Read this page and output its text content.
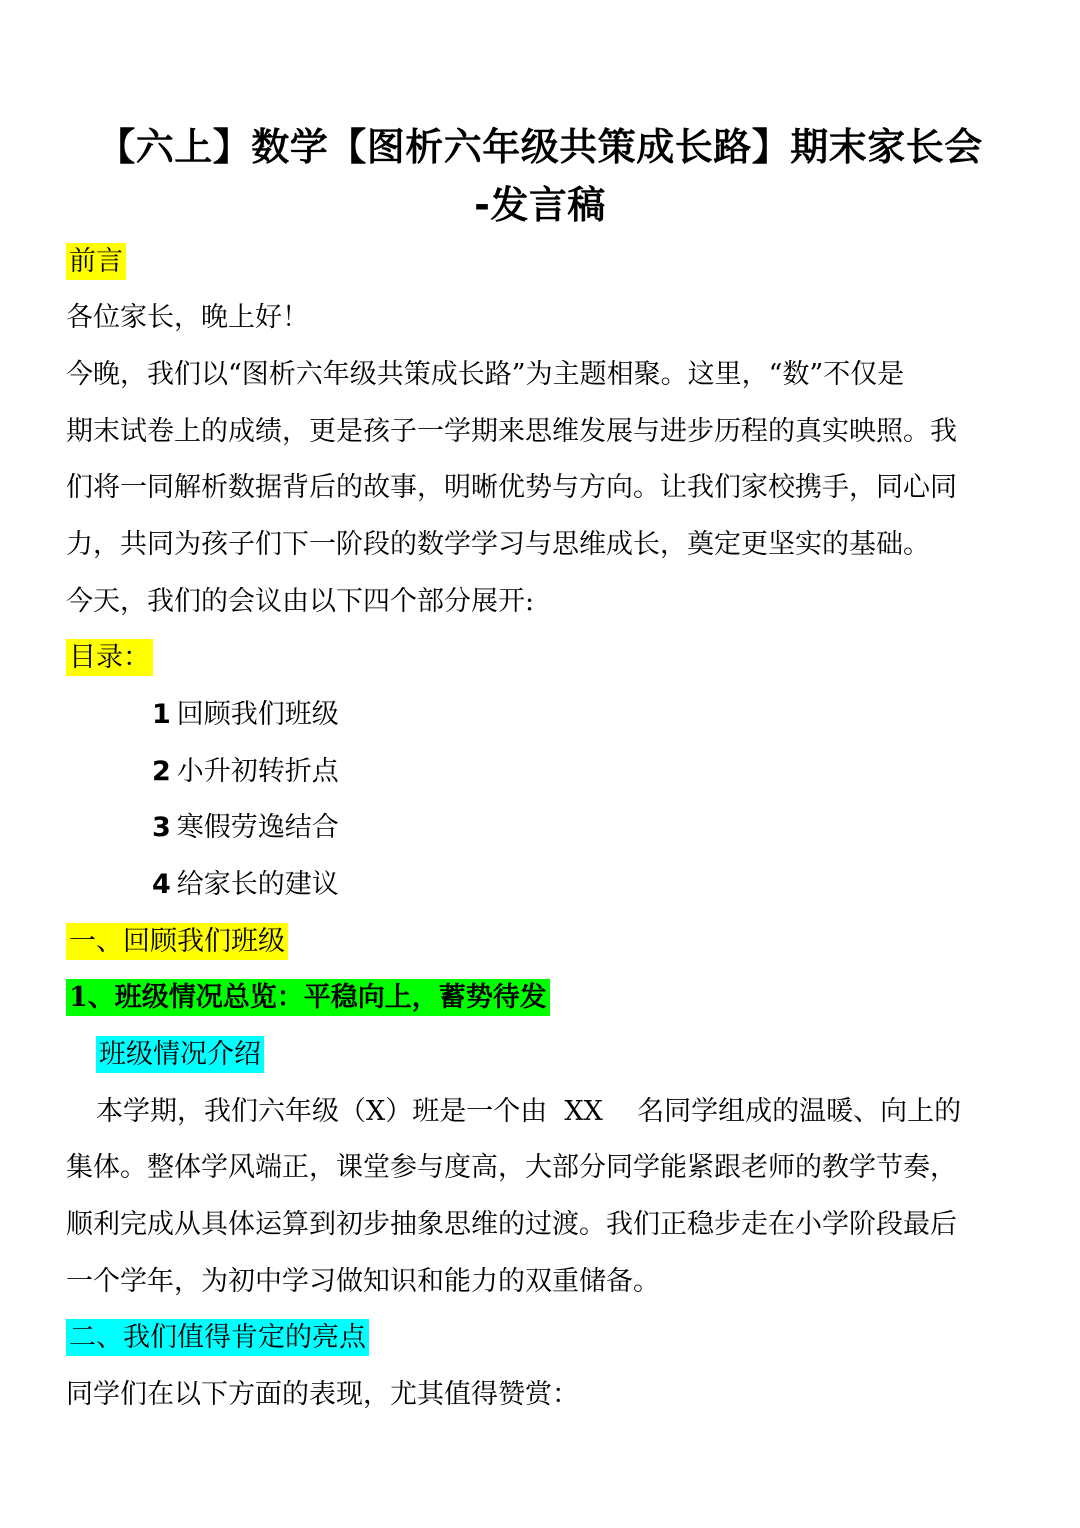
【六上】数学【图析六年级共策成长路】期末家长会
-发言稿
前言
各位家长，晚上好！
今晚，我们以“图析六年级共策成长路”为主题相聚。这里，“数”不仅是
期末试卷上的成绩，更是孩子一学期来思维发展与进步历程的真实映照。我
们将一同解析数据背后的故事，明晰优势与方向。让我们家校携手，同心同
力，共同为孩子们下一阶段的数学学习与思维成长，奠定更坚实的基础。
今天，我们的会议由以下四个部分展开:
目录：
1 回顾我们班级
2 小升初转折点
3 寒假劳逸结合
4 给家长的建议
一、回顾我们班级
1、班级情况总览：平稳向上，蓄势待发
班级情况介绍
本学期，我们六年级（X）班是一个由  XX    名同学组成的温暖、向上的
集体。整体学风端正，课堂参与度高，大部分同学能紧跟老师的教学节奏，
顺利完成从具体运算到初步抽象思维的过渡。我们正稳步走在小学阶段最后
一个学年，为初中学习做知识和能力的双重储备。
二、我们值得肯定的亮点
同学们在以下方面的表现，尤其值得赞赏：
